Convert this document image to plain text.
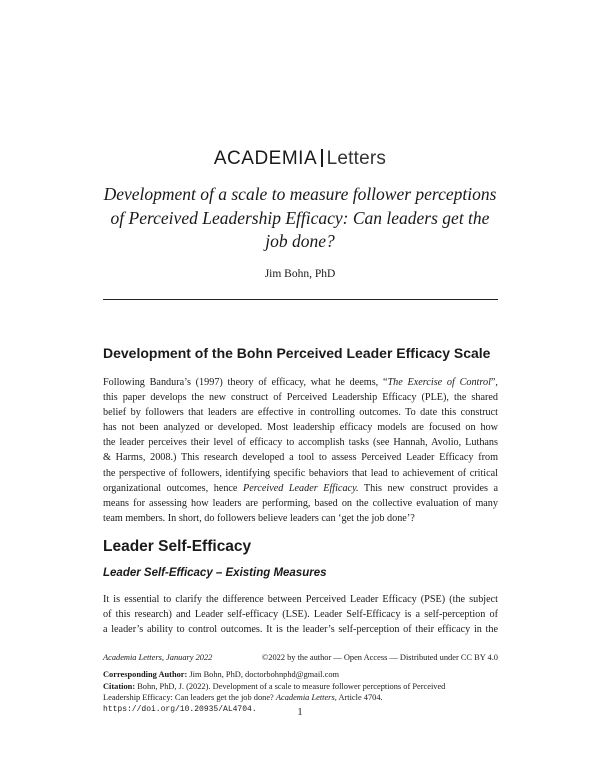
ACADEMIA Letters
Development of a scale to measure follower perceptions of Perceived Leadership Efficacy: Can leaders get the job done?
Jim Bohn, PhD
Development of the Bohn Perceived Leader Efficacy Scale
Following Bandura’s (1997) theory of efficacy, what he deems, “The Exercise of Control”,
this paper develops the new construct of Perceived Leadership Efficacy (PLE), the shared
belief by followers that leaders are effective in controlling outcomes. To date this construct
has not been analyzed or developed. Most leadership efficacy models are focused on how
the leader perceives their level of efficacy to accomplish tasks (see Hannah, Avolio, Luthans
& Harms, 2008.) This research developed a tool to assess Perceived Leader Efficacy from
the perspective of followers, identifying specific behaviors that lead to achievement of critical
organizational outcomes, hence Perceived Leader Efficacy. This new construct provides a
means for assessing how leaders are performing, based on the collective evaluation of many
team members. In short, do followers believe leaders can ‘get the job done’?
Leader Self-Efficacy
Leader Self-Efficacy – Existing Measures
It is essential to clarify the difference between Perceived Leader Efficacy (PSE) (the subject
of this research) and Leader self-efficacy (LSE). Leader Self-Efficacy is a self-perception of
a leader’s ability to control outcomes. It is the leader’s self-perception of their efficacy in the
Academia Letters, January 2022	©2022 by the author — Open Access — Distributed under CC BY 4.0
Corresponding Author: Jim Bohn, PhD, doctorbohnphd@gmail.com
Citation: Bohn, PhD, J. (2022). Development of a scale to measure follower perceptions of Perceived
Leadership Efficacy: Can leaders get the job done? Academia Letters, Article 4704.
https://doi.org/10.20935/AL4704.	1
